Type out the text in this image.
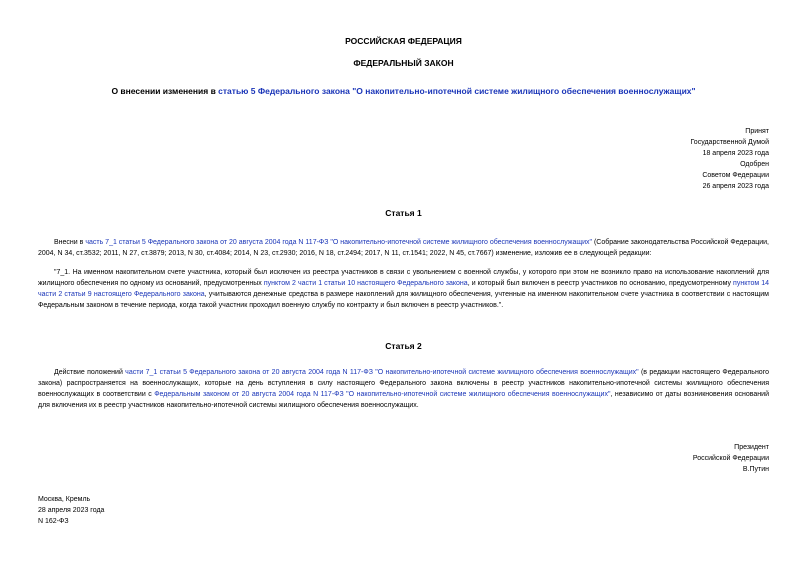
РОССИЙСКАЯ ФЕДЕРАЦИЯ
ФЕДЕРАЛЬНЫЙ ЗАКОН
О внесении изменения в статью 5 Федерального закона "О накопительно-ипотечной системе жилищного обеспечения военнослужащих"
Принят
Государственной Думой
18 апреля 2023 года
Одобрен
Советом Федерации
26 апреля 2023 года
Статья 1
Внесни в часть 7_1 статьи 5 Федерального закона от 20 августа 2004 года N 117-ФЗ "О накопительно-ипотечной системе жилищного обеспечения военнослужащих" (Собрание законодательства Российской Федерации, 2004, N 34, ст.3532; 2011, N 27, ст.3879; 2013, N 30, ст.4084; 2014, N 23, ст.2930; 2016, N 18, ст.2494; 2017, N 11, ст.1541; 2022, N 45, ст.7667) изменение, изложив ее в следующей редакции:
"7_1. На именном накопительном счете участника, который был исключен из реестра участников в связи с увольнением с военной службы, у которого при этом не возникло право на использование накоплений для жилищного обеспечения по одному из оснований, предусмотренных пунктом 2 части 1 статьи 10 настоящего Федерального закона, и который был включен в реестр участников по основанию, предусмотренному пунктом 14 части 2 статьи 9 настоящего Федерального закона, учитываются денежные средства в размере накоплений для жилищного обеспечения, учтенные на именном накопительном счете участника в соответствии с настоящим Федеральным законом в течение периода, когда такой участник проходил военную службу по контракту и был включен в реестр участников.".
Статья 2
Действие положений части 7_1 статьи 5 Федерального закона от 20 августа 2004 года N 117-ФЗ "О накопительно-ипотечной системе жилищного обеспечения военнослужащих" (в редакции настоящего Федерального закона) распространяется на военнослужащих, которые на день вступления в силу настоящего Федерального закона включены в реестр участников накопительно-ипотечной системы жилищного обеспечения военнослужащих в соответствии с Федеральным законом от 20 августа 2004 года N 117-ФЗ "О накопительно-ипотечной системе жилищного обеспечения военнослужащих", независимо от даты возникновения оснований для включения их в реестр участников накопительно-ипотечной системы жилищного обеспечения военнослужащих.
Президент
Российской Федерации
В.Путин
Москва, Кремль
28 апреля 2023 года
N 162-ФЗ
